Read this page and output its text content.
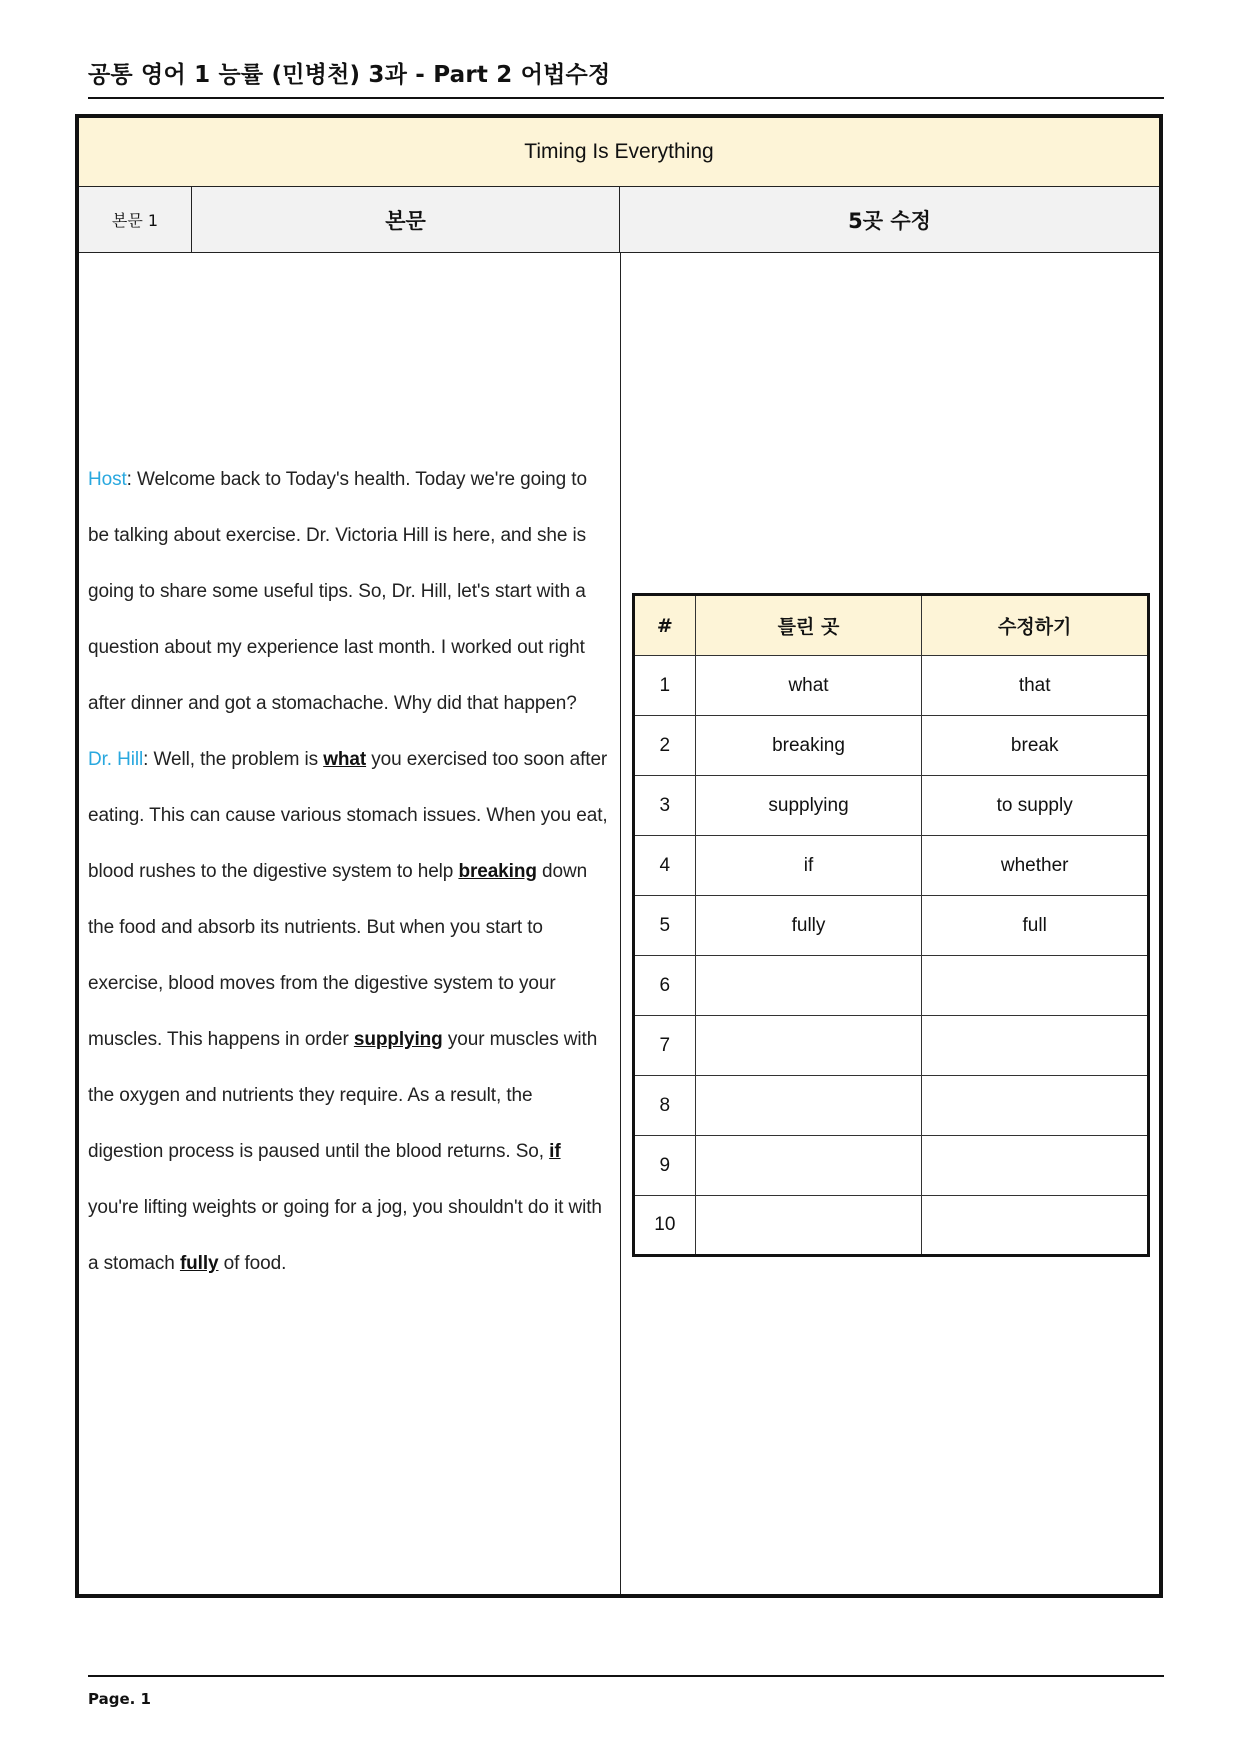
공통 영어 1 능률 (민병천) 3과 - Part 2 어법수정
Timing Is Everything
본문 1	본문	5곳 수정
Host: Welcome back to Today's health. Today we're going to be talking about exercise. Dr. Victoria Hill is here, and she is going to share some useful tips. So, Dr. Hill, let's start with a question about my experience last month. I worked out right after dinner and got a stomachache. Why did that happen?
Dr. Hill: Well, the problem is what you exercised too soon after eating. This can cause various stomach issues. When you eat, blood rushes to the digestive system to help breaking down the food and absorb its nutrients. But when you start to exercise, blood moves from the digestive system to your muscles. This happens in order supplying your muscles with the oxygen and nutrients they require. As a result, the digestion process is paused until the blood returns. So, if you're lifting weights or going for a jog, you shouldn't do it with a stomach fully of food.
#	틀린 곳	수정하기
1	what	that
2	breaking	break
3	supplying	to supply
4	if	whether
5	fully	full
6		
7		
8		
9		
10		
Page. 1
